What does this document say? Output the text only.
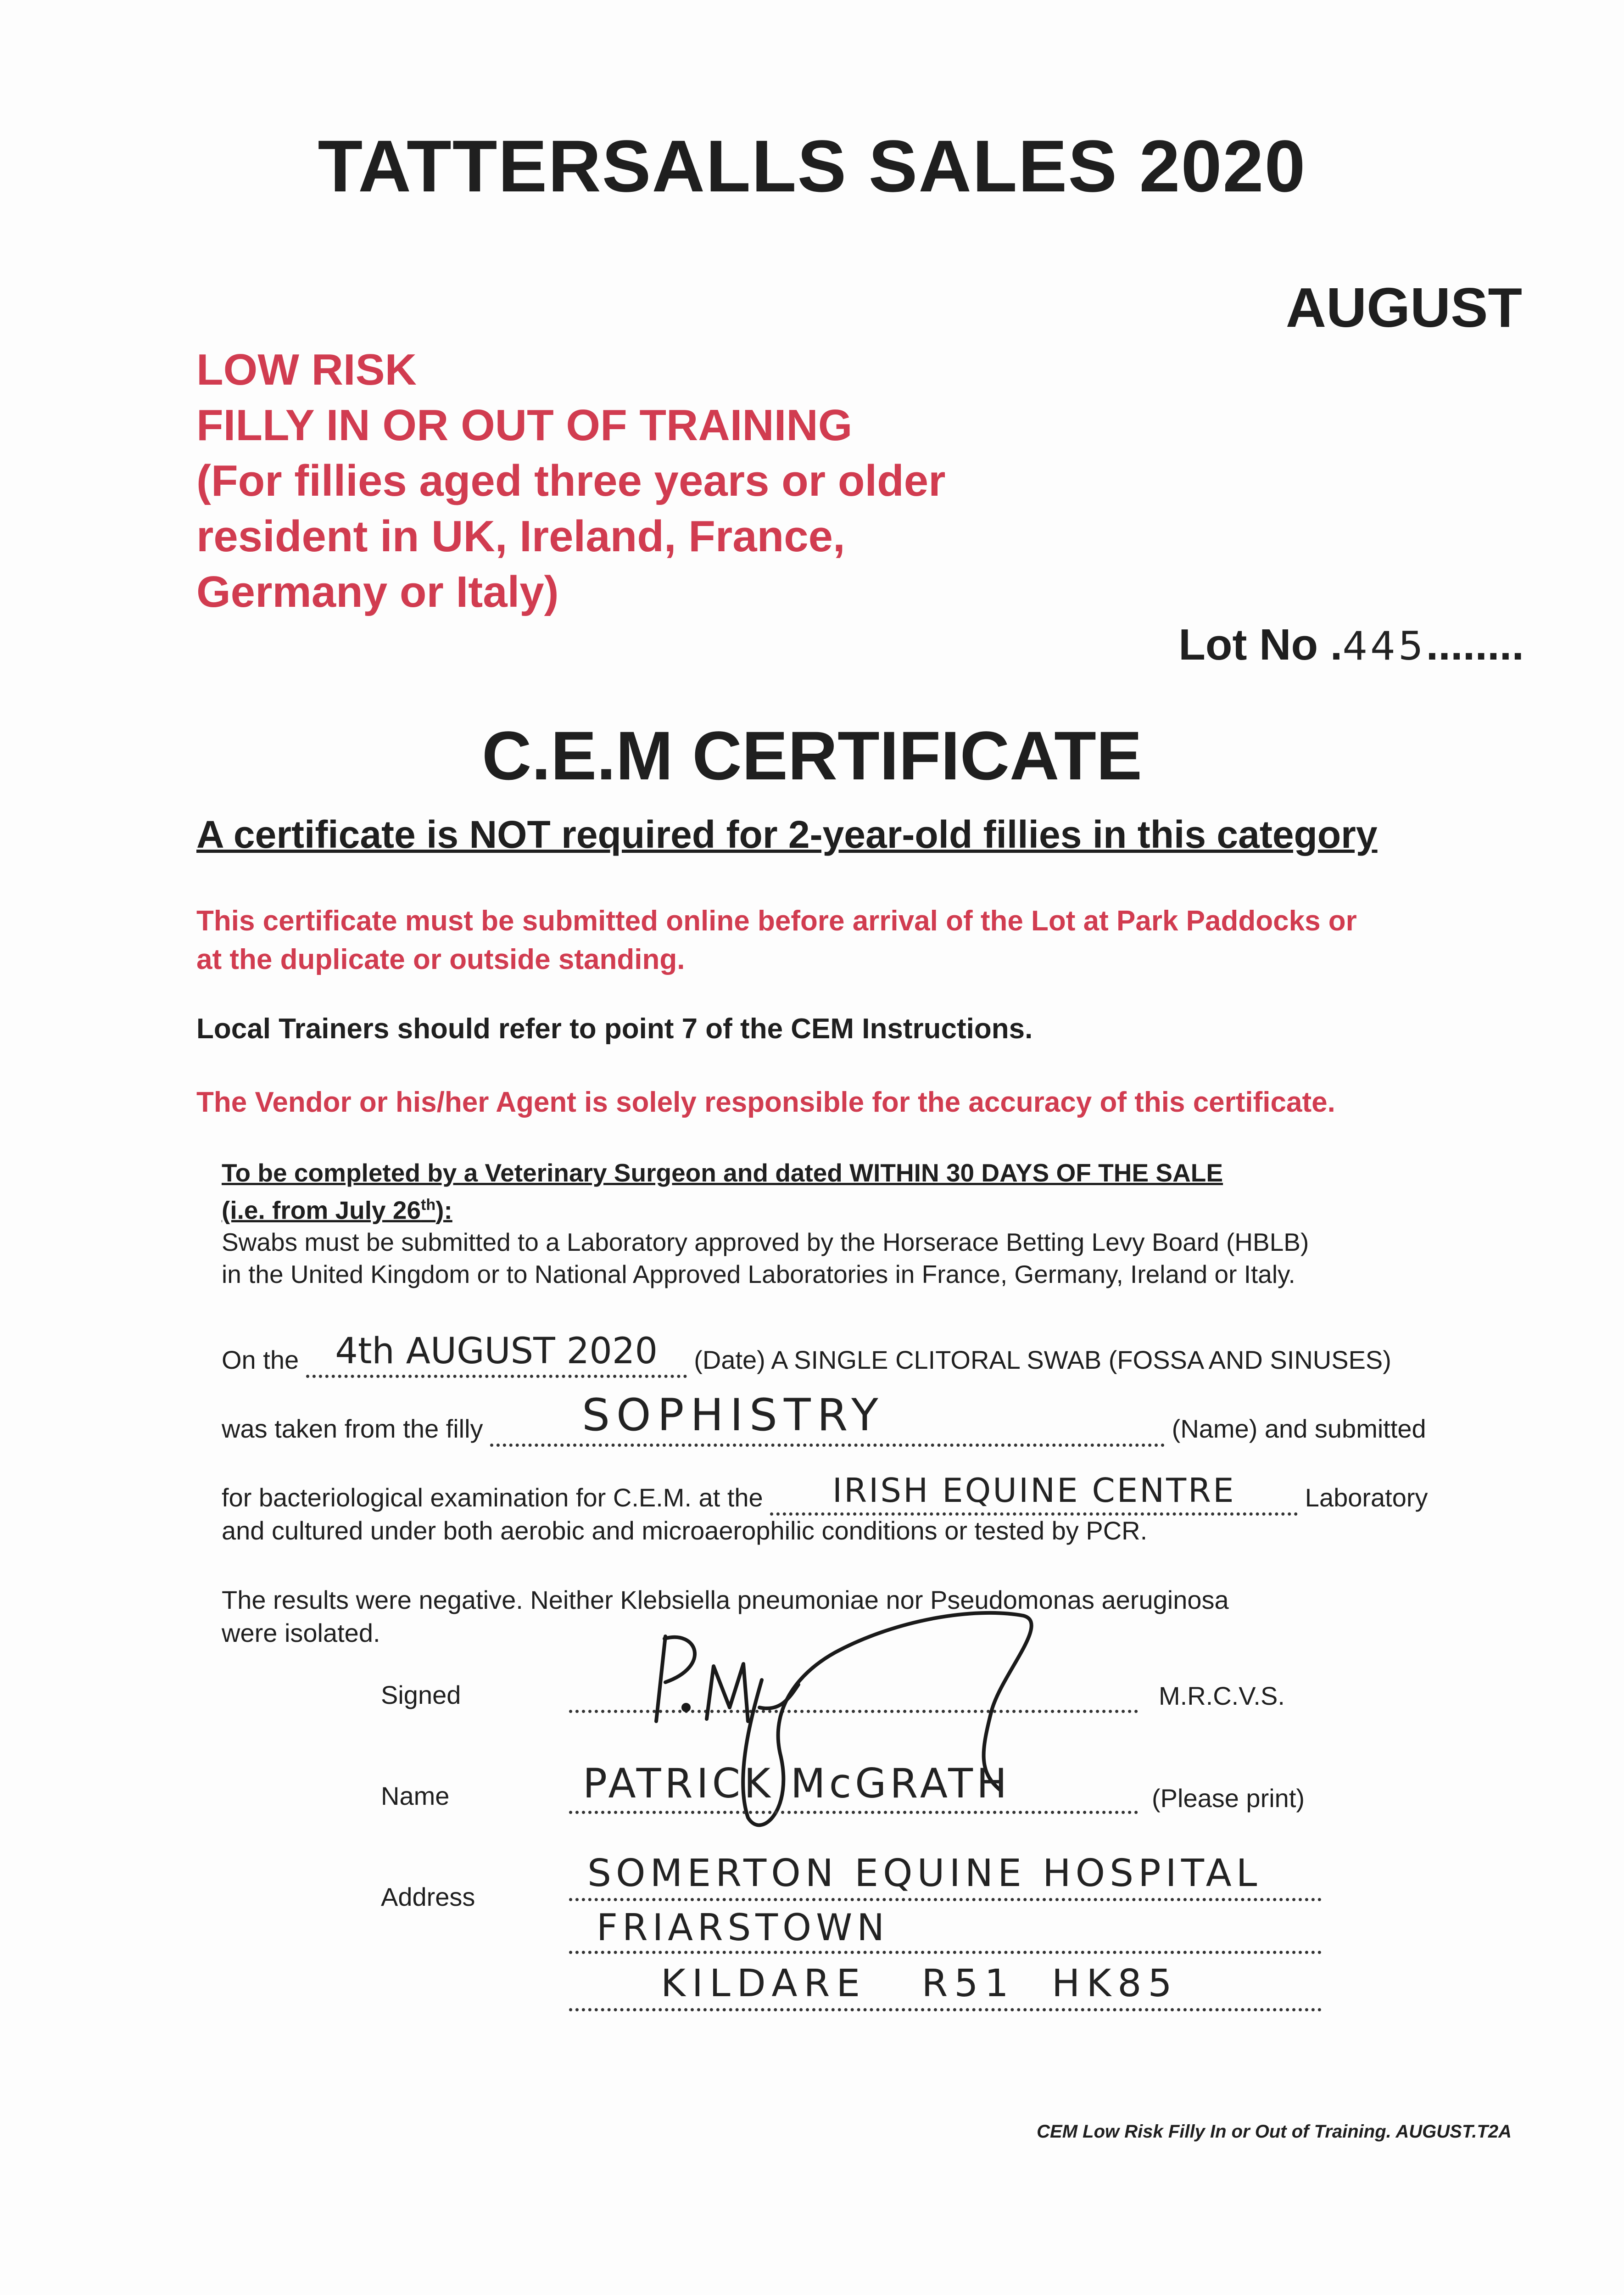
TATTERSALLS SALES 2020
AUGUST
LOW RISK
FILLY IN OR OUT OF TRAINING
(For fillies aged three years or older
resident in UK, Ireland, France,
Germany or Italy)
Lot No .445........
C.E.M CERTIFICATE
A certificate is NOT required for 2-year-old fillies in this category
This certificate must be submitted online before arrival of the Lot at Park Paddocks or
at the duplicate or outside standing.
Local Trainers should refer to point 7 of the CEM Instructions.
The Vendor or his/her Agent is solely responsible for the accuracy of this certificate.
To be completed by a Veterinary Surgeon and dated WITHIN 30 DAYS OF THE SALE
(i.e. from July 26th):
Swabs must be submitted to a Laboratory approved by the Horserace Betting Levy Board (HBLB)
in the United Kingdom or to National Approved Laboratories in France, Germany, Ireland or Italy.
On the	4th AUGUST 2020	(Date) A SINGLE CLITORAL SWAB (FOSSA AND SINUSES)
was taken from the filly	SOPHISTRY	(Name) and submitted
for bacteriological examination for C.E.M. at the	IRISH EQUINE CENTRE	Laboratory
and cultured under both aerobic and microaerophilic conditions or tested by PCR.
The results were negative. Neither Klebsiella pneumoniae nor Pseudomonas aeruginosa
were isolated.
Signed	M.R.C.V.S.
Name	PATRICK McGRATH	(Please print)
Address
SOMERTON EQUINE HOSPITAL
FRIARSTOWN
KILDARE   R51  HK85
CEM Low Risk Filly In or Out of Training. AUGUST.T2A
